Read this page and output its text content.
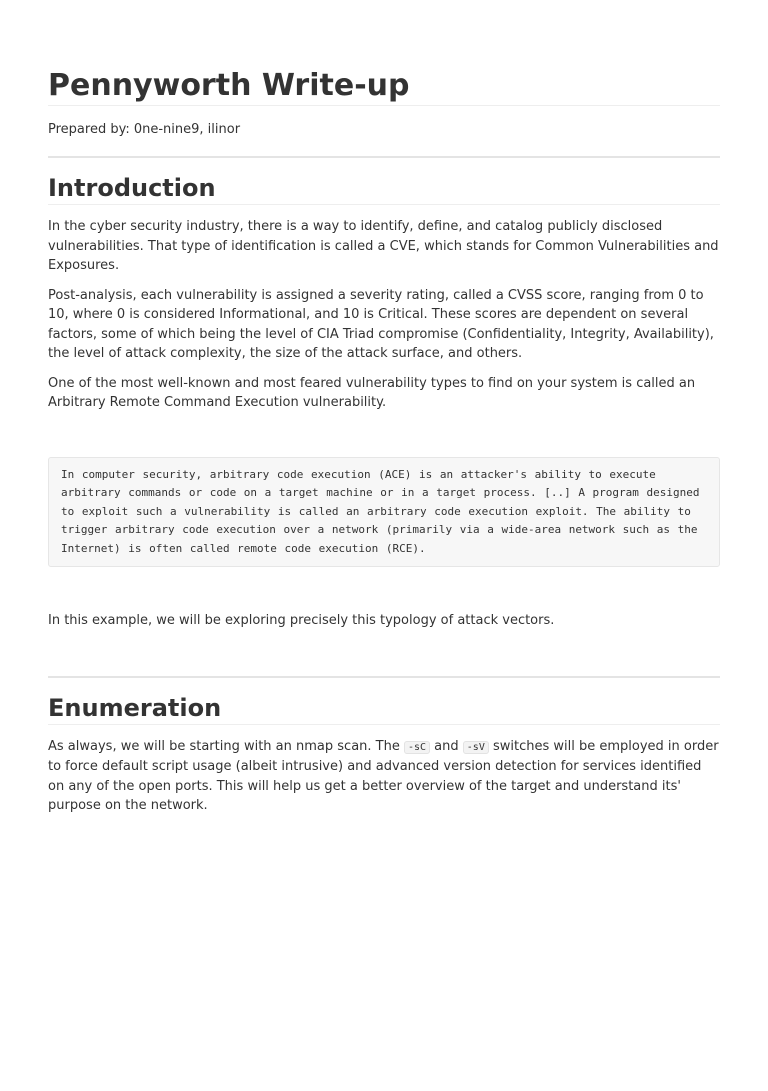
Pennyworth Write-up

Prepared by: 0ne-nine9, ilinor

Introduction

In the cyber security industry, there is a way to identify, define, and catalog publicly disclosed vulnerabilities. That type of identification is called a CVE, which stands for Common Vulnerabilities and Exposures.

Post-analysis, each vulnerability is assigned a severity rating, called a CVSS score, ranging from 0 to 10, where 0 is considered Informational, and 10 is Critical. These scores are dependent on several factors, some of which being the level of CIA Triad compromise (Confidentiality, Integrity, Availability), the level of attack complexity, the size of the attack surface, and others.

One of the most well-known and most feared vulnerability types to find on your system is called an Arbitrary Remote Command Execution vulnerability.

In computer security, arbitrary code execution (ACE) is an attacker's ability to execute arbitrary commands or code on a target machine or in a target process. [..] A program designed to exploit such a vulnerability is called an arbitrary code execution exploit. The ability to trigger arbitrary code execution over a network (primarily via a wide-area network such as the Internet) is often called remote code execution (RCE).

In this example, we will be exploring precisely this typology of attack vectors.

Enumeration

As always, we will be starting with an nmap scan. The -sC and -sV switches will be employed in order to force default script usage (albeit intrusive) and advanced version detection for services identified on any of the open ports. This will help us get a better overview of the target and understand its' purpose on the network.
